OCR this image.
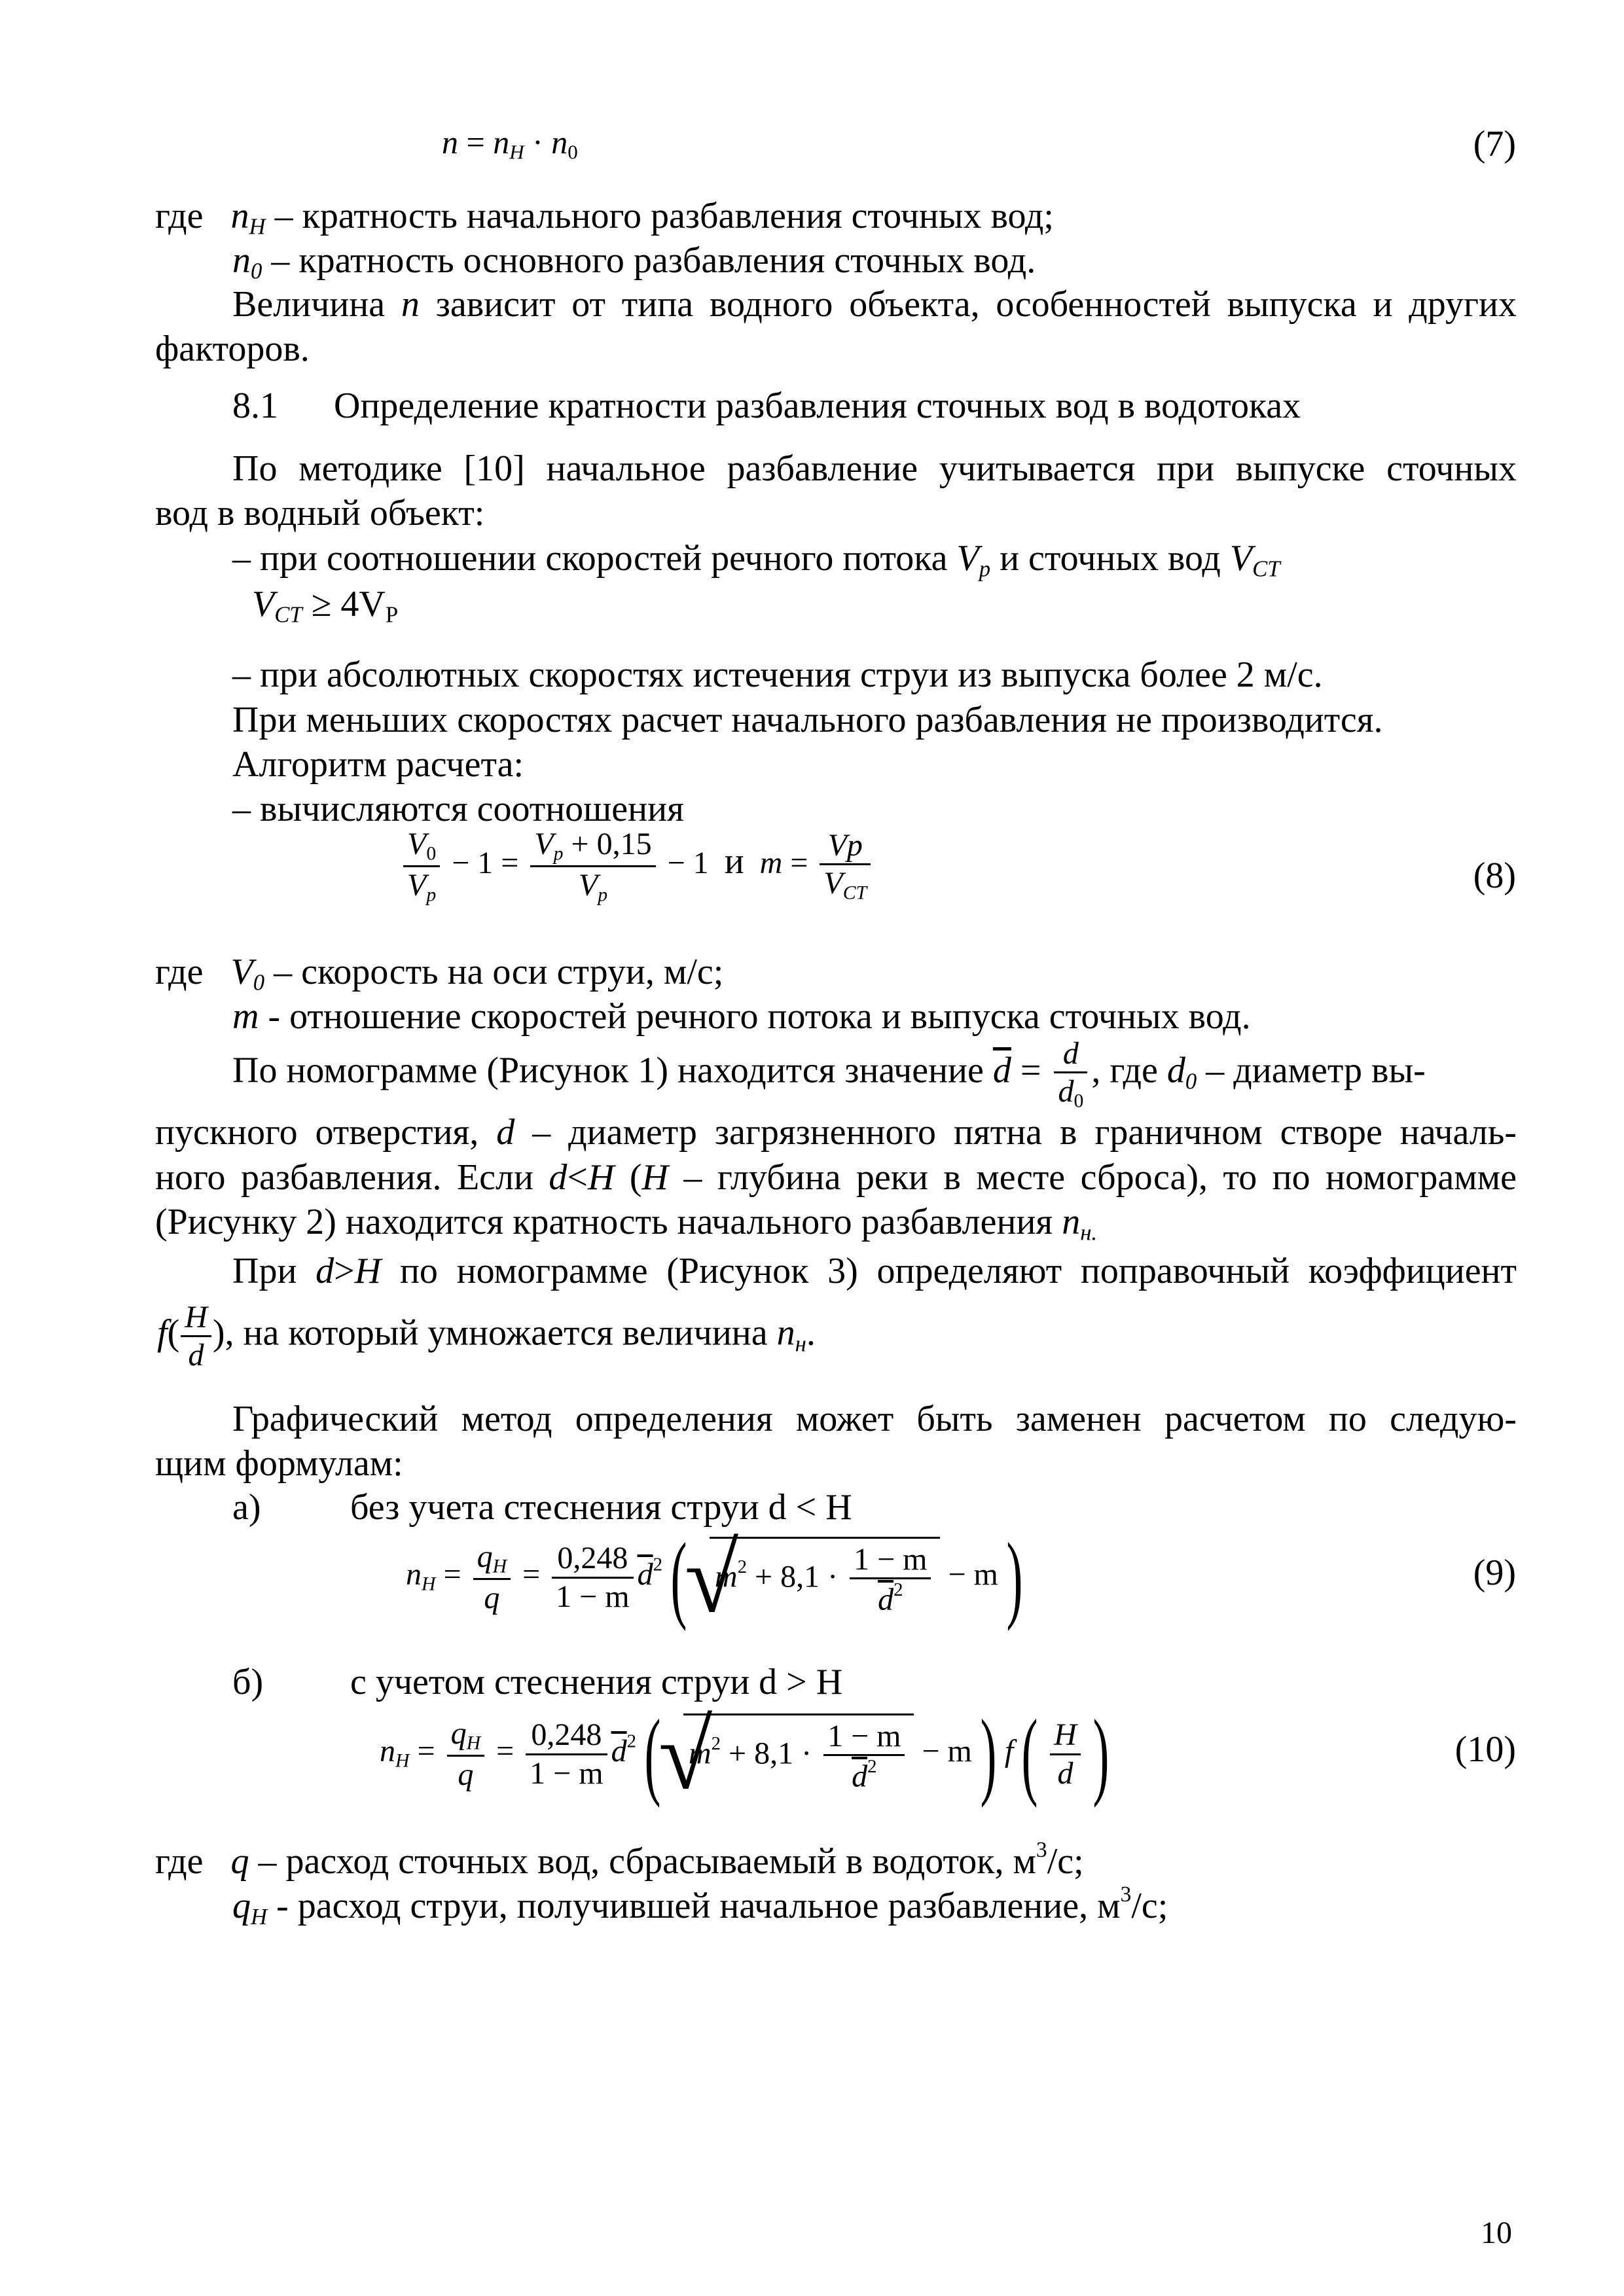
$n = n_H \cdot n_0$	(7)
где $n_H$ – кратность начального разбавления сточных вод;
$n_0$ – кратность основного разбавления сточных вод.
Величина n зависит от типа водного объекта, особенностей выпуска и других
факторов.
8.1 Определение кратности разбавления сточных вод в водотоках
По методике [10] начальное разбавление учитывается при выпуске сточных
вод в водный объект:
– при соотношении скоростей речного потока $V_p$ и сточных вод $V_{CT}$
$V_{CT} \ge 4V_P$
– при абсолютных скоростях истечения струи из выпуска более 2 м/с.
При меньших скоростях расчет начального разбавления не производится.
Алгоритм расчета:
– вычисляются соотношения
$\frac{V_0}{V_p} - 1 = \frac{V_p + 0,15}{V_p} - 1$  и $m = \frac{Vp}{V_{CT}}$	(8)
где $V_0$ – скорость на оси струи, м/с;
m - отношение скоростей речного потока и выпуска сточных вод.
По номограмме (Рисунок 1) находится значение $\overline{d} = \frac{d}{d_0}$ , где $d_0$ – диаметр вы-
пускного отверстия, d – диаметр загрязненного пятна в граничном створе началь-
ного разбавления. Если d<H (H – глубина реки в месте сброса), то по номограмме
(Рисунку 2) находится кратность начального разбавления $n_{н.}$
При d>H по номограмме (Рисунок 3) определяют поправочный коэффициент
$f( \frac{H}{d}$ ), на который умножается величина $n_н$.
Графический метод определения может быть заменен расчетом по следую-
щим формулам:
а) без учета стеснения струи d < H
$n_H = \frac{q_H}{q} = \frac{0,248}{1 - m} \overline{d}^2$( √ $m^2 + 8,1 \cdot \frac{1 - m}{\overline{d}^2} - m$)	(9)
б) с учетом стеснения струи d > H
$n_H = \frac{q_H}{q} = \frac{0,248}{1 - m} \overline{d}^2$( √ $m^2 + 8,1 \cdot \frac{1 - m}{\overline{d}^2} - m$) $f( \frac{H}{d}$ )	(10)
где q – расход сточных вод, сбрасываемый в водоток, $м^3/с$;
$q_H$ - расход струи, получившей начальное разбавление, $м^3/с$;
10
